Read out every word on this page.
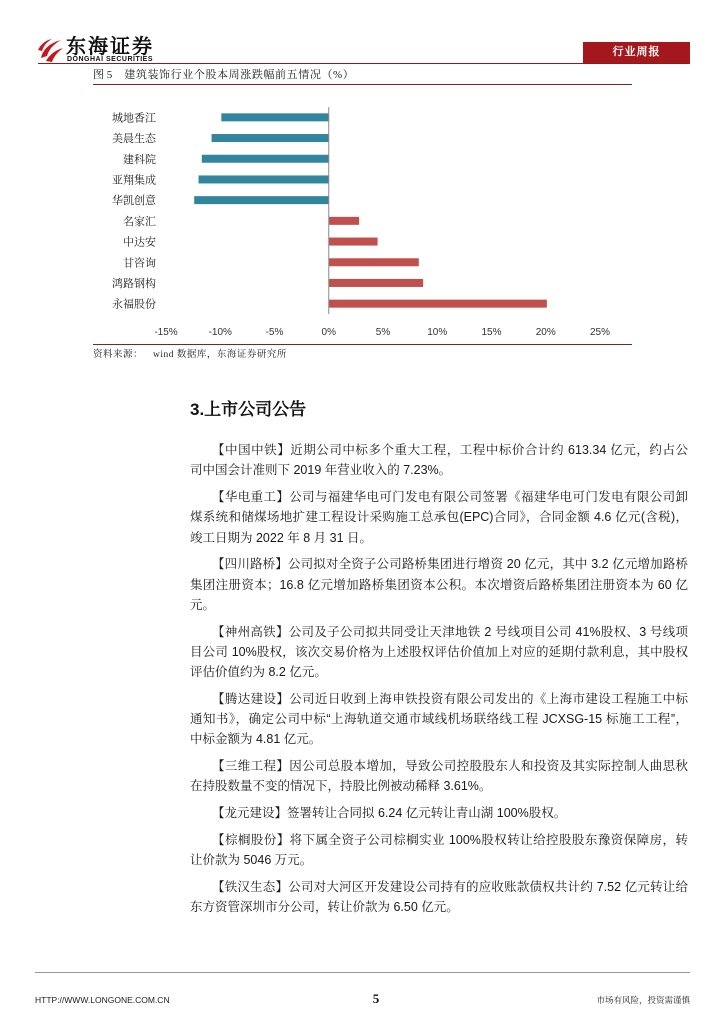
东海证券
DONGHAI SECURITIES
行业周报
图 5 建筑装饰行业个股本周涨跌幅前五情况（%）
城地香江
美晨生态
建科院
亚翔集成
华凯创意
名家汇
中达安
甘咨询
鸿路钢构
永福股份
-15%	-10%	-5%	0%	5%	10%	15%	20%	25%
资料来源： wind 数据库，东海证券研究所
3.上市公司公告
【中国中铁】近期公司中标多个重大工程，工程中标价合计约 613.34 亿元，约占公
司中国会计准则下 2019 年营业收入的 7.23%。
【华电重工】公司与福建华电可门发电有限公司签署《福建华电可门发电有限公司卸
煤系统和储煤场地扩建工程设计采购施工总承包(EPC)合同》，合同金额 4.6 亿元(含税)，
竣工日期为 2022 年 8 月 31 日。
【四川路桥】公司拟对全资子公司路桥集团进行增资 20 亿元，其中 3.2 亿元增加路桥
集团注册资本；16.8 亿元增加路桥集团资本公积。本次增资后路桥集团注册资本为 60 亿
元。
【神州高铁】公司及子公司拟共同受让天津地铁 2 号线项目公司 41%股权、3 号线项
目公司 10%股权，该次交易价格为上述股权评估价值加上对应的延期付款利息，其中股权
评估价值约为 8.2 亿元。
【腾达建设】公司近日收到上海申铁投资有限公司发出的《上海市建设工程施工中标
通知书》，确定公司中标“上海轨道交通市域线机场联络线工程 JCXSG-15 标施工工程”，
中标金额为 4.81 亿元。
【三维工程】因公司总股本增加，导致公司控股股东人和投资及其实际控制人曲思秋
在持股数量不变的情况下，持股比例被动稀释 3.61%。
【龙元建设】签署转让合同拟 6.24 亿元转让青山湖 100%股权。
【棕榈股份】将下属全资子公司棕榈实业 100%股权转让给控股股东豫资保障房，转
让价款为 5046 万元。
【铁汉生态】公司对大河区开发建设公司持有的应收账款债权共计约 7.52 亿元转让给
东方资管深圳市分公司，转让价款为 6.50 亿元。
HTTP://WWW.LONGONE.COM.CN	5	市场有风险，投资需谨慎
